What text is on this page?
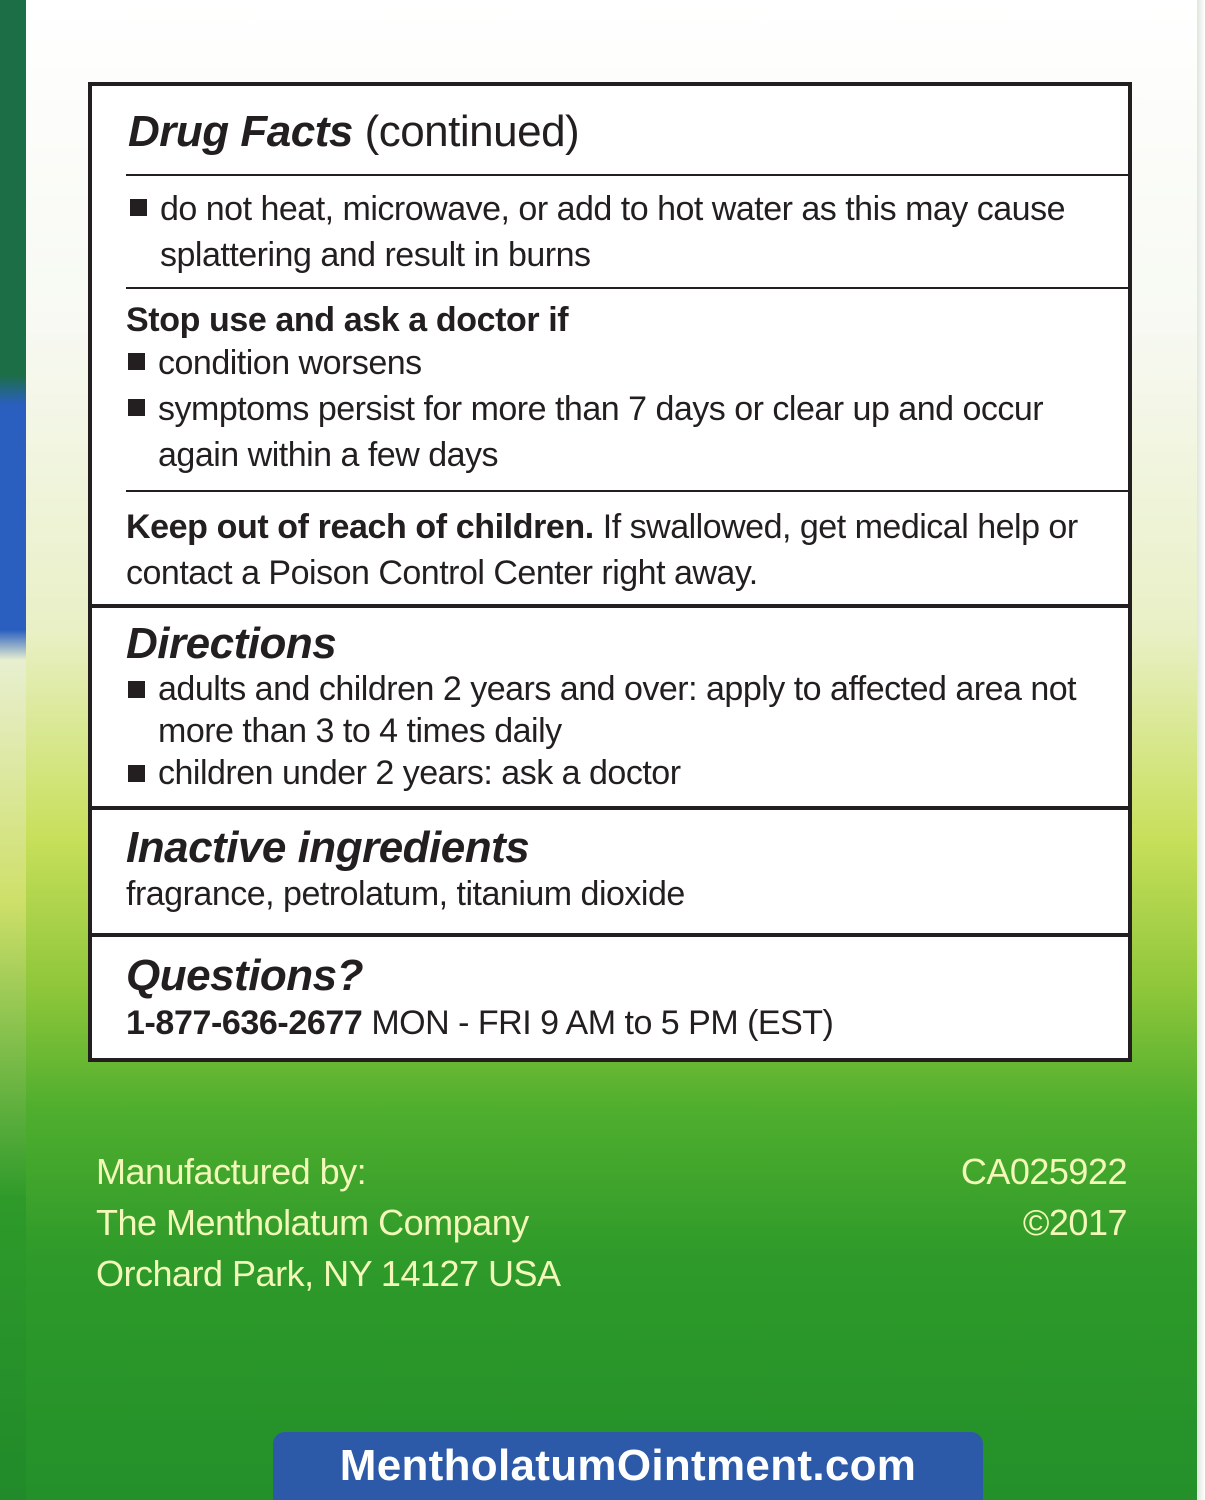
Drug Facts (continued)
do not heat, microwave, or add to hot water as this may cause splattering and result in burns
Stop use and ask a doctor if
condition worsens
symptoms persist for more than 7 days or clear up and occur again within a few days
Keep out of reach of children. If swallowed, get medical help or contact a Poison Control Center right away.
Directions
adults and children 2 years and over: apply to affected area not more than 3 to 4 times daily
children under 2 years: ask a doctor
Inactive ingredients
fragrance, petrolatum, titanium dioxide
Questions?
1-877-636-2677 MON - FRI 9 AM to 5 PM (EST)
Manufactured by:
The Mentholatum Company
Orchard Park, NY 14127 USA
CA025922
©2017
MentholatumOintment.com
